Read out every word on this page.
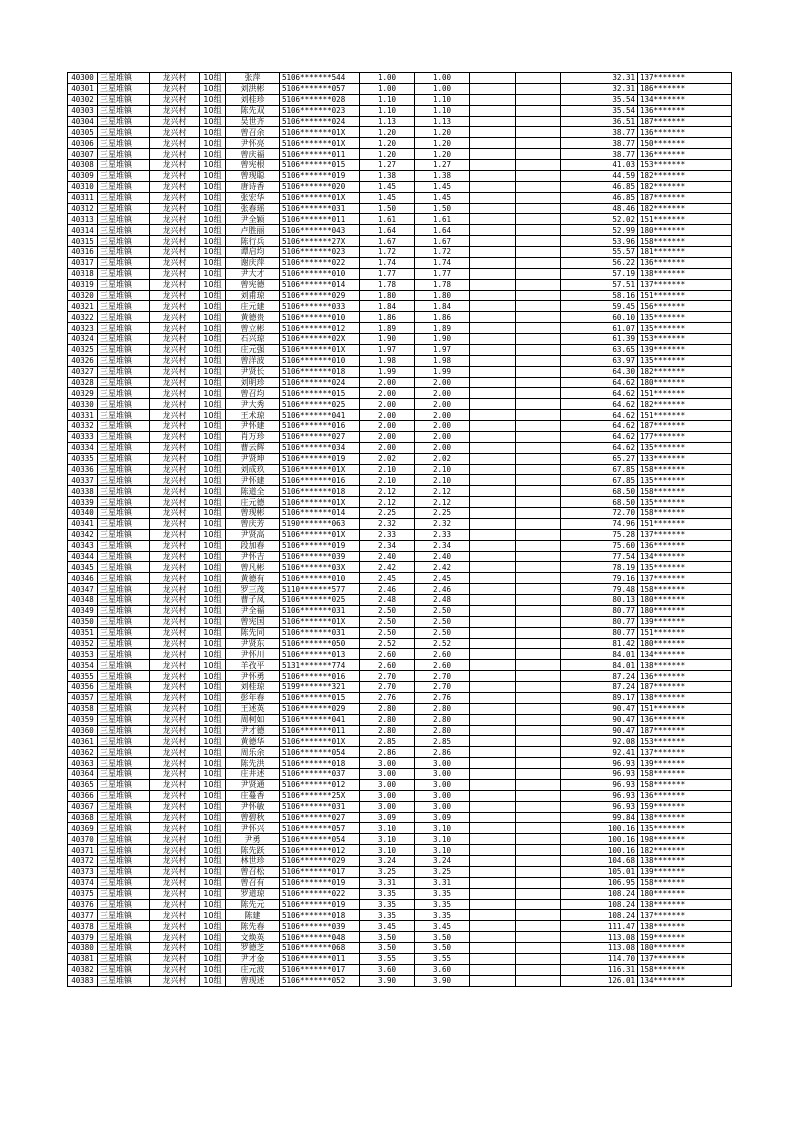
40300	三星堆镇	龙兴村	10组	张萍	5106*******544	1.00	1.00			32.31	137*******
40301	三星堆镇	龙兴村	10组	刘洪彬	5106*******057	1.00	1.00			32.31	186*******
40302	三星堆镇	龙兴村	10组	刘桂珍	5106*******028	1.10	1.10			35.54	134*******
40303	三星堆镇	龙兴村	10组	陈先双	5106*******023	1.10	1.10			35.54	136*******
40304	三星堆镇	龙兴村	10组	吴世齐	5106*******024	1.13	1.13			36.51	187*******
40305	三星堆镇	龙兴村	10组	曾召余	5106*******01X	1.20	1.20			38.77	136*******
40306	三星堆镇	龙兴村	10组	尹怀亮	5106*******01X	1.20	1.20			38.77	150*******
40307	三星堆镇	龙兴村	10组	曾庆福	5106*******011	1.20	1.20			38.77	136*******
40308	三星堆镇	龙兴村	10组	曾宪根	5106*******015	1.27	1.27			41.03	153*******
40309	三星堆镇	龙兴村	10组	曾现聪	5106*******019	1.38	1.38			44.59	182*******
40310	三星堆镇	龙兴村	10组	唐诗香	5106*******020	1.45	1.45			46.85	182*******
40311	三星堆镇	龙兴村	10组	张宏华	5106*******01X	1.45	1.45			46.85	187*******
40312	三星堆镇	龙兴村	10组	张春瑶	5106*******031	1.50	1.50			48.46	182*******
40313	三星堆镇	龙兴村	10组	尹全颖	5106*******011	1.61	1.61			52.02	151*******
40314	三星堆镇	龙兴村	10组	卢胜丽	5106*******043	1.64	1.64			52.99	180*******
40315	三星堆镇	龙兴村	10组	陈行兵	5106*******27X	1.67	1.67			53.96	158*******
40316	三星堆镇	龙兴村	10组	谭启均	5106*******023	1.72	1.72			55.57	181*******
40317	三星堆镇	龙兴村	10组	谢庆萍	5106*******022	1.74	1.74			56.22	136*******
40318	三星堆镇	龙兴村	10组	尹大才	5106*******010	1.77	1.77			57.19	138*******
40319	三星堆镇	龙兴村	10组	曾宪德	5106*******014	1.78	1.78			57.51	137*******
40320	三星堆镇	龙兴村	10组	刘甫琼	5106*******029	1.80	1.80			58.16	151*******
40321	三星堆镇	龙兴村	10组	庄元建	5106*******033	1.84	1.84			59.45	156*******
40322	三星堆镇	龙兴村	10组	黄德贵	5106*******010	1.86	1.86			60.10	135*******
40323	三星堆镇	龙兴村	10组	曾立彬	5106*******012	1.89	1.89			61.07	135*******
40324	三星堆镇	龙兴村	10组	石兴琼	5106*******02X	1.90	1.90			61.39	153*******
40325	三星堆镇	龙兴村	10组	庄元强	5106*******01X	1.97	1.97			63.65	139*******
40326	三星堆镇	龙兴村	10组	曾洋波	5106*******010	1.98	1.98			63.97	135*******
40327	三星堆镇	龙兴村	10组	尹贤长	5106*******018	1.99	1.99			64.30	182*******
40328	三星堆镇	龙兴村	10组	刘明珍	5106*******024	2.00	2.00			64.62	180*******
40329	三星堆镇	龙兴村	10组	曾召均	5106*******015	2.00	2.00			64.62	151*******
40330	三星堆镇	龙兴村	10组	尹大秀	5106*******025	2.00	2.00			64.62	182*******
40331	三星堆镇	龙兴村	10组	王术琼	5106*******041	2.00	2.00			64.62	151*******
40332	三星堆镇	龙兴村	10组	尹怀建	5106*******016	2.00	2.00			64.62	187*******
40333	三星堆镇	龙兴村	10组	肖万珍	5106*******027	2.00	2.00			64.62	177*******
40334	三星堆镇	龙兴村	10组	曹云辉	5106*******034	2.00	2.00			64.62	135*******
40335	三星堆镇	龙兴村	10组	尹贤坤	5106*******019	2.02	2.02			65.27	133*******
40336	三星堆镇	龙兴村	10组	刘成玖	5106*******01X	2.10	2.10			67.85	158*******
40337	三星堆镇	龙兴村	10组	尹怀建	5106*******016	2.10	2.10			67.85	135*******
40338	三星堆镇	龙兴村	10组	陈道全	5106*******018	2.12	2.12			68.50	158*******
40339	三星堆镇	龙兴村	10组	庄元德	5106*******01X	2.12	2.12			68.50	135*******
40340	三星堆镇	龙兴村	10组	曾现彬	5106*******014	2.25	2.25			72.70	158*******
40341	三星堆镇	龙兴村	10组	曾庆芳	5190*******063	2.32	2.32			74.96	151*******
40342	三星堆镇	龙兴村	10组	尹贤高	5106*******01X	2.33	2.33			75.28	137*******
40343	三星堆镇	龙兴村	10组	段加春	5106*******019	2.34	2.34			75.60	136*******
40344	三星堆镇	龙兴村	10组	尹怀吉	5106*******039	2.40	2.40			77.54	134*******
40345	三星堆镇	龙兴村	10组	曾凡彬	5106*******03X	2.42	2.42			78.19	135*******
40346	三星堆镇	龙兴村	10组	黄德有	5106*******010	2.45	2.45			79.16	137*******
40347	三星堆镇	龙兴村	10组	罗三茂	5110*******577	2.46	2.46			79.48	158*******
40348	三星堆镇	龙兴村	10组	曹子凤	5106*******025	2.48	2.48			80.13	180*******
40349	三星堆镇	龙兴村	10组	尹全福	5106*******031	2.50	2.50			80.77	180*******
40350	三星堆镇	龙兴村	10组	曾宪国	5106*******01X	2.50	2.50			80.77	139*******
40351	三星堆镇	龙兴村	10组	陈先同	5106*******031	2.50	2.50			80.77	151*******
40352	三星堆镇	龙兴村	10组	尹贤东	5106*******050	2.52	2.52			81.42	180*******
40353	三星堆镇	龙兴村	10组	尹怀川	5106*******013	2.60	2.60			84.01	134*******
40354	三星堆镇	龙兴村	10组	羊孜平	5131*******774	2.60	2.60			84.01	138*******
40355	三星堆镇	龙兴村	10组	尹怀勇	5106*******016	2.70	2.70			87.24	136*******
40356	三星堆镇	龙兴村	10组	刘桂琼	5199*******321	2.70	2.70			87.24	187*******
40357	三星堆镇	龙兴村	10组	彭年春	5106*******015	2.76	2.76			89.17	138*******
40358	三星堆镇	龙兴村	10组	王述英	5106*******029	2.80	2.80			90.47	151*******
40359	三星堆镇	龙兴村	10组	周柯如	5106*******041	2.80	2.80			90.47	136*******
40360	三星堆镇	龙兴村	10组	尹才德	5106*******011	2.80	2.80			90.47	187*******
40361	三星堆镇	龙兴村	10组	黄德华	5106*******01X	2.85	2.85			92.08	153*******
40362	三星堆镇	龙兴村	10组	周乐余	5106*******054	2.86	2.86			92.41	137*******
40363	三星堆镇	龙兴村	10组	陈先洪	5106*******018	3.00	3.00			96.93	139*******
40364	三星堆镇	龙兴村	10组	庄井述	5106*******037	3.00	3.00			96.93	158*******
40365	三星堆镇	龙兴村	10组	尹贤通	5106*******012	3.00	3.00			96.93	158*******
40366	三星堆镇	龙兴村	10组	庄蔓香	5106*******25X	3.00	3.00			96.93	136*******
40367	三星堆镇	龙兴村	10组	尹怀敏	5106*******031	3.00	3.00			96.93	159*******
40368	三星堆镇	龙兴村	10组	曾碧秋	5106*******027	3.09	3.09			99.84	138*******
40369	三星堆镇	龙兴村	10组	尹怀兴	5106*******057	3.10	3.10			100.16	135*******
40370	三星堆镇	龙兴村	10组	尹勇	5106*******054	3.10	3.10			100.16	198*******
40371	三星堆镇	龙兴村	10组	陈先跃	5106*******012	3.10	3.10			100.16	182*******
40372	三星堆镇	龙兴村	10组	林世珍	5106*******029	3.24	3.24			104.68	138*******
40373	三星堆镇	龙兴村	10组	曾召松	5106*******017	3.25	3.25			105.01	139*******
40374	三星堆镇	龙兴村	10组	曾召有	5106*******019	3.31	3.31			106.95	158*******
40375	三星堆镇	龙兴村	10组	罗道琼	5106*******022	3.35	3.35			108.24	180*******
40376	三星堆镇	龙兴村	10组	陈先元	5106*******019	3.35	3.35			108.24	138*******
40377	三星堆镇	龙兴村	10组	陈建	5106*******018	3.35	3.35			108.24	137*******
40378	三星堆镇	龙兴村	10组	陈先春	5106*******039	3.45	3.45			111.47	138*******
40379	三星堆镇	龙兴村	10组	文焕英	5106*******048	3.50	3.50			113.08	159*******
40380	三星堆镇	龙兴村	10组	罗德芝	5106*******068	3.50	3.50			113.08	180*******
40381	三星堆镇	龙兴村	10组	尹才金	5106*******011	3.55	3.55			114.70	137*******
40382	三星堆镇	龙兴村	10组	庄元波	5106*******017	3.60	3.60			116.31	158*******
40383	三星堆镇	龙兴村	10组	曾现述	5106*******052	3.90	3.90			126.01	134*******
